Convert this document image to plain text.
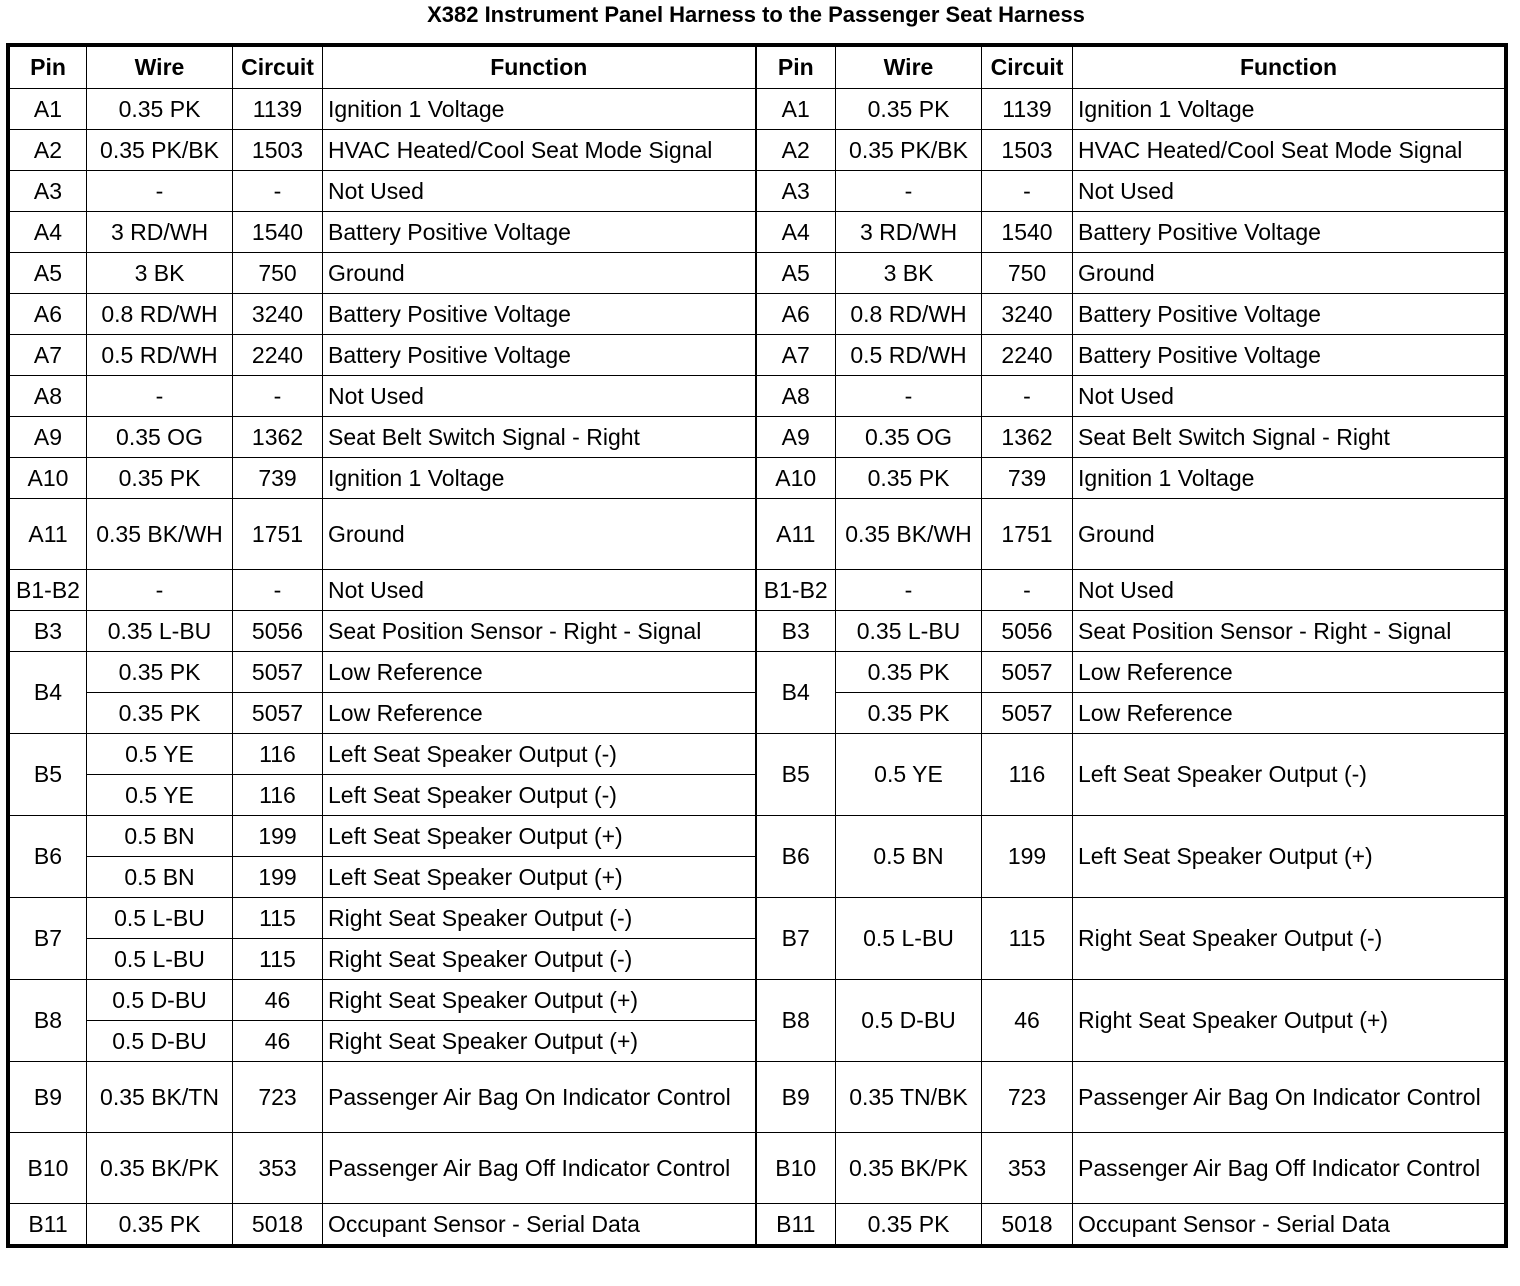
X382 Instrument Panel Harness to the Passenger Seat Harness
Pin	Wire	Circuit	Function	Pin	Wire	Circuit	Function
A1	0.35 PK	1139	Ignition 1 Voltage	A1	0.35 PK	1139	Ignition 1 Voltage
A2	0.35 PK/BK	1503	HVAC Heated/Cool Seat Mode Signal	A2	0.35 PK/BK	1503	HVAC Heated/Cool Seat Mode Signal
A3	-	-	Not Used	A3	-	-	Not Used
A4	3 RD/WH	1540	Battery Positive Voltage	A4	3 RD/WH	1540	Battery Positive Voltage
A5	3 BK	750	Ground	A5	3 BK	750	Ground
A6	0.8 RD/WH	3240	Battery Positive Voltage	A6	0.8 RD/WH	3240	Battery Positive Voltage
A7	0.5 RD/WH	2240	Battery Positive Voltage	A7	0.5 RD/WH	2240	Battery Positive Voltage
A8	-	-	Not Used	A8	-	-	Not Used
A9	0.35 OG	1362	Seat Belt Switch Signal - Right	A9	0.35 OG	1362	Seat Belt Switch Signal - Right
A10	0.35 PK	739	Ignition 1 Voltage	A10	0.35 PK	739	Ignition 1 Voltage
A11	0.35 BK/WH	1751	Ground	A11	0.35 BK/WH	1751	Ground
B1-B2	-	-	Not Used	B1-B2	-	-	Not Used
B3	0.35 L-BU	5056	Seat Position Sensor - Right - Signal	B3	0.35 L-BU	5056	Seat Position Sensor - Right - Signal
B4	0.35 PK	5057	Low Reference	B4	0.35 PK	5057	Low Reference
	0.35 PK	5057	Low Reference		0.35 PK	5057	Low Reference
B5	0.5 YE	116	Left Seat Speaker Output (-)	B5	0.5 YE	116	Left Seat Speaker Output (-)
	0.5 YE	116	Left Seat Speaker Output (-)				
B6	0.5 BN	199	Left Seat Speaker Output (+)	B6	0.5 BN	199	Left Seat Speaker Output (+)
	0.5 BN	199	Left Seat Speaker Output (+)				
B7	0.5 L-BU	115	Right Seat Speaker Output (-)	B7	0.5 L-BU	115	Right Seat Speaker Output (-)
	0.5 L-BU	115	Right Seat Speaker Output (-)				
B8	0.5 D-BU	46	Right Seat Speaker Output (+)	B8	0.5 D-BU	46	Right Seat Speaker Output (+)
	0.5 D-BU	46	Right Seat Speaker Output (+)				
B9	0.35 BK/TN	723	Passenger Air Bag On Indicator Control	B9	0.35 TN/BK	723	Passenger Air Bag On Indicator Control
B10	0.35 BK/PK	353	Passenger Air Bag Off Indicator Control	B10	0.35 BK/PK	353	Passenger Air Bag Off Indicator Control
B11	0.35 PK	5018	Occupant Sensor - Serial Data	B11	0.35 PK	5018	Occupant Sensor - Serial Data
